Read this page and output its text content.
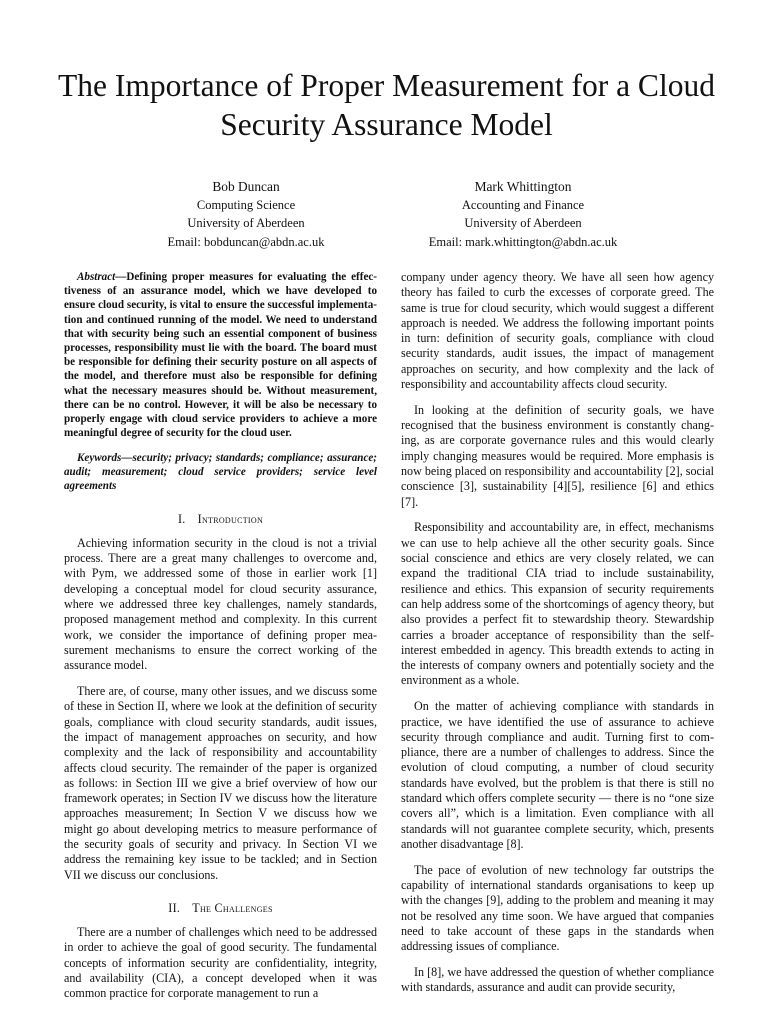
The Importance of Proper Measurement for a Cloud
Security Assurance Model
Bob Duncan
Computing Science
University of Aberdeen
Email: bobduncan@abdn.ac.uk
Mark Whittington
Accounting and Finance
University of Aberdeen
Email: mark.whittington@abdn.ac.uk

Abstract—Defining proper measures for evaluating the effectiveness of an assurance model, which we have developed to ensure cloud security, is vital to ensure the successful implementation and continued running of the model. We need to understand that with security being such an essential component of business processes, responsibility must lie with the board. The board must be responsible for defining their security posture on all aspects of the model, and therefore must also be responsible for defining what the necessary measures should be. Without measurement, there can be no control. However, it will be also be necessary to properly engage with cloud service providers to achieve a more meaningful degree of security for the cloud user.

Keywords—security; privacy; standards; compliance; assurance; audit; measurement; cloud service providers; service level agreements

I. Introduction

Achieving information security in the cloud is not a trivial process. There are a great many challenges to overcome and, with Pym, we addressed some of those in earlier work [1] developing a conceptual model for cloud security assurance, where we addressed three key challenges, namely standards, proposed management method and complexity. In this current work, we consider the importance of defining proper measurement mechanisms to ensure the correct working of the assurance model.

There are, of course, many other issues, and we discuss some of these in Section II, where we look at the definition of security goals, compliance with cloud security standards, audit issues, the impact of management approaches on security, and how complexity and the lack of responsibility and accountability affects cloud security. The remainder of the paper is organized as follows: in Section III we give a brief overview of how our framework operates; in Section IV we discuss how the literature approaches measurement; In Section V we discuss how we might go about developing metrics to measure performance of the security goals of security and privacy. In Section VI we address the remaining key issue to be tackled; and in Section VII we discuss our conclusions.

II. The Challenges

There are a number of challenges which need to be addressed in order to achieve the goal of good security. The fundamental concepts of information security are confidentiality, integrity, and availability (CIA), a concept developed when it was common practice for corporate management to run a

company under agency theory. We have all seen how agency theory has failed to curb the excesses of corporate greed. The same is true for cloud security, which would suggest a different approach is needed. We address the following important points in turn: definition of security goals, compliance with cloud security standards, audit issues, the impact of management approaches on security, and how complexity and the lack of responsibility and accountability affects cloud security.

In looking at the definition of security goals, we have recognised that the business environment is constantly changing, as are corporate governance rules and this would clearly imply changing measures would be required. More emphasis is now being placed on responsibility and accountability [2], social conscience [3], sustainability [4][5], resilience [6] and ethics [7].

Responsibility and accountability are, in effect, mechanisms we can use to help achieve all the other security goals. Since social conscience and ethics are very closely related, we can expand the traditional CIA triad to include sustainability, resilience and ethics. This expansion of security requirements can help address some of the shortcomings of agency theory, but also provides a perfect fit to stewardship theory. Stewardship carries a broader acceptance of responsibility than the self-interest embedded in agency. This breadth extends to acting in the interests of company owners and potentially society and the environment as a whole.

On the matter of achieving compliance with standards in practice, we have identified the use of assurance to achieve security through compliance and audit. Turning first to compliance, there are a number of challenges to address. Since the evolution of cloud computing, a number of cloud security standards have evolved, but the problem is that there is still no standard which offers complete security — there is no “one size covers all”, which is a limitation. Even compliance with all standards will not guarantee complete security, which, presents another disadvantage [8].

The pace of evolution of new technology far outstrips the capability of international standards organisations to keep up with the changes [9], adding to the problem and meaning it may not be resolved any time soon. We have argued that companies need to take account of these gaps in the standards when addressing issues of compliance.

In [8], we have addressed the question of whether compliance with standards, assurance and audit can provide security,
